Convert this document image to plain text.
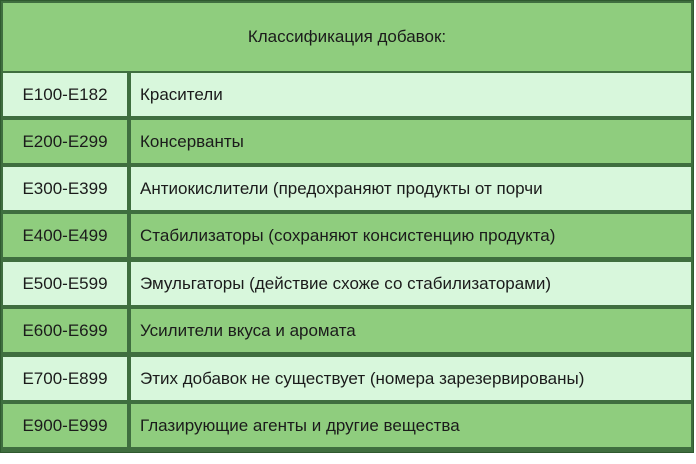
Классификация добавок:
E100-E182	Красители
E200-E299	Консерванты
E300-E399	Антиокислители (предохраняют продукты от порчи
E400-E499	Стабилизаторы (сохраняют консистенцию продукта)
E500-E599	Эмульгаторы (действие схоже со стабилизаторами)
E600-E699	Усилители вкуса и аромата
E700-E899	Этих добавок не существует (номера зарезервированы)
E900-E999	Глазирующие агенты и другие вещества
